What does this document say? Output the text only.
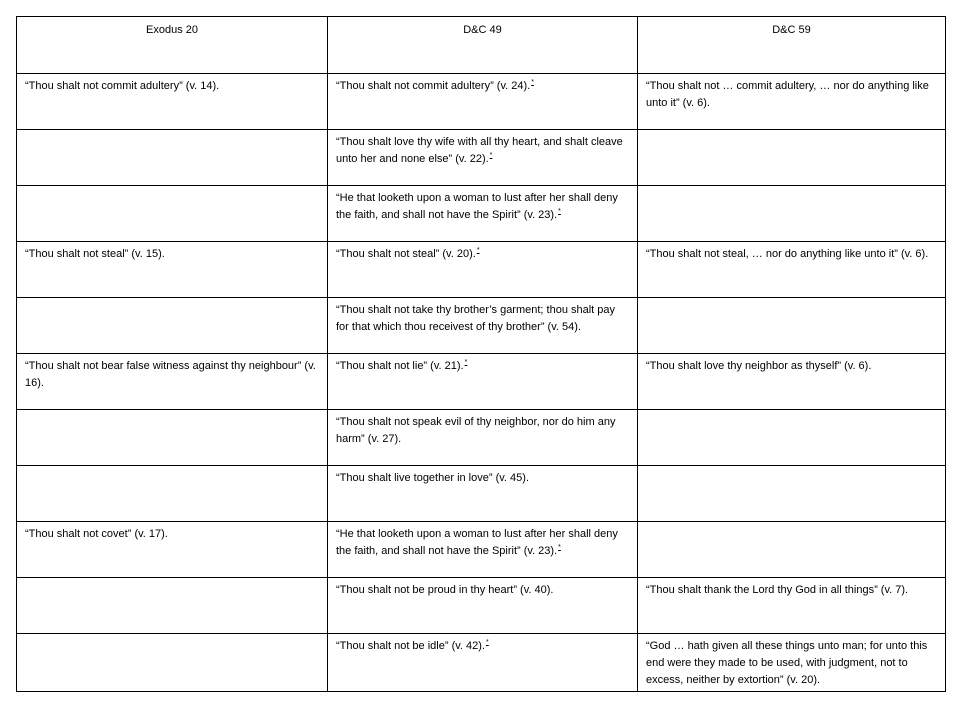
Exodus 20	D&C 49	D&C 59
“Thou shalt not commit adultery” (v. 14).	“Thou shalt not commit adultery” (v. 24).*	“Thou shalt not … commit adultery, … nor do anything like unto it” (v. 6).
	“Thou shalt love thy wife with all thy heart, and shalt cleave unto her and none else” (v. 22).*	
	“He that looketh upon a woman to lust after her shall deny the faith, and shall not have the Spirit” (v. 23).*	
“Thou shalt not steal” (v. 15).	“Thou shalt not steal” (v. 20).*	“Thou shalt not steal, … nor do anything like unto it” (v. 6).
	“Thou shalt not take thy brother’s garment; thou shalt pay for that which thou receivest of thy brother” (v. 54).	
“Thou shalt not bear false witness against thy neighbour” (v. 16).	“Thou shalt not lie” (v. 21).*	“Thou shalt love thy neighbor as thyself” (v. 6).
	“Thou shalt not speak evil of thy neighbor, nor do him any harm” (v. 27).	
	“Thou shalt live together in love” (v. 45).	
“Thou shalt not covet” (v. 17).	“He that looketh upon a woman to lust after her shall deny the faith, and shall not have the Spirit” (v. 23).*	
	“Thou shalt not be proud in thy heart” (v. 40).	“Thou shalt thank the Lord thy God in all things” (v. 7).
	“Thou shalt not be idle” (v. 42).*	“God … hath given all these things unto man; for unto this end were they made to be used, with judgment, not to excess, neither by extortion” (v. 20).
